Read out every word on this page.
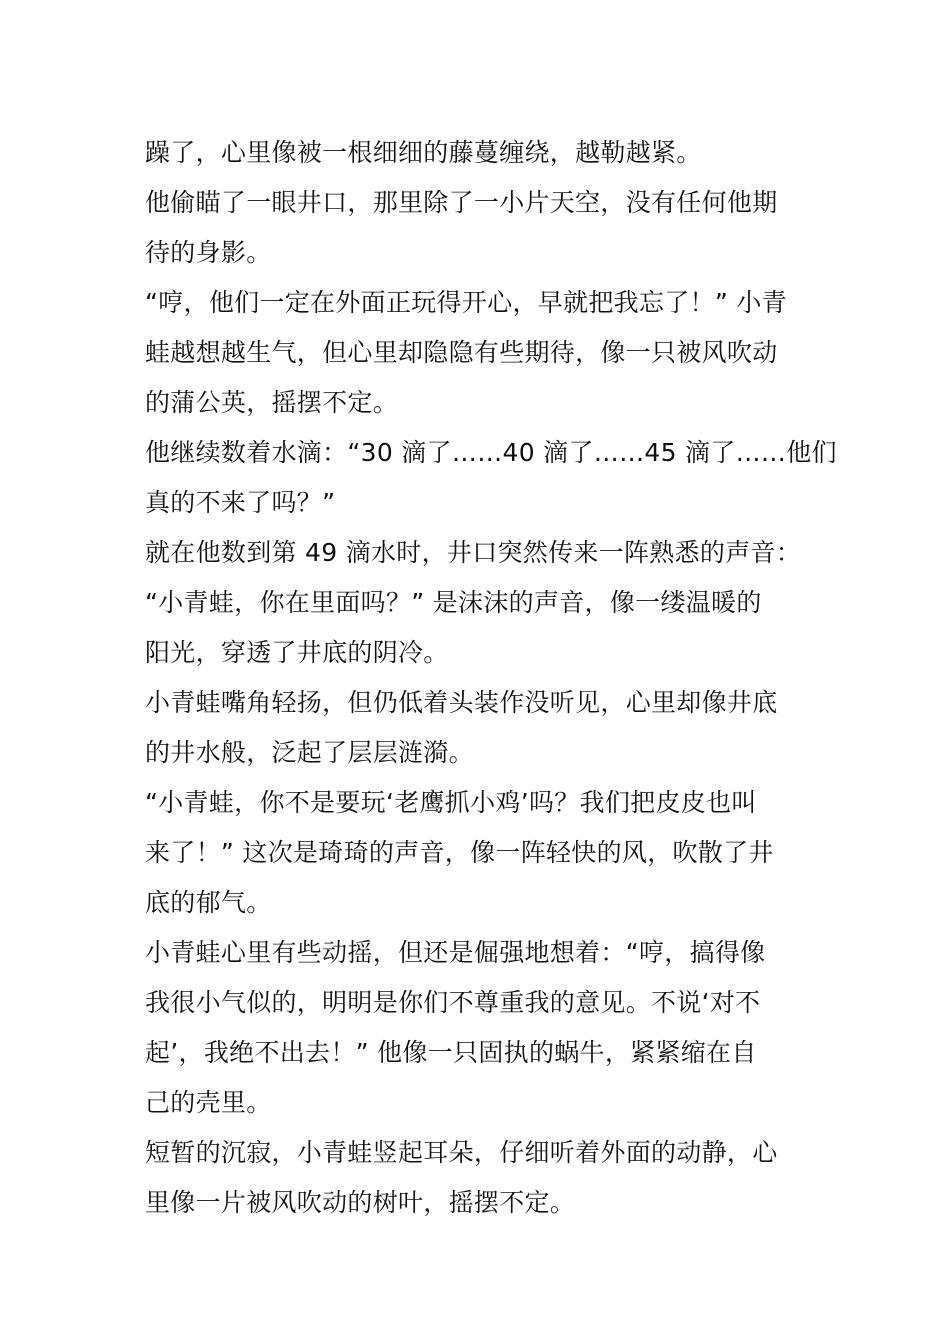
躁了，心里像被一根细细的藤蔓缠绕，越勒越紧。
他偷瞄了一眼井口，那里除了一小片天空，没有任何他期
待的身影。
“哼，他们一定在外面正玩得开心，早就把我忘了！” 小青
蛙越想越生气，但心里却隐隐有些期待，像一只被风吹动
的蒲公英，摇摆不定。
他继续数着水滴：“30 滴了……40 滴了……45 滴了……他们
真的不来了吗？”
就在他数到第 49 滴水时，井口突然传来一阵熟悉的声音：
“小青蛙，你在里面吗？” 是沫沫的声音，像一缕温暖的
阳光，穿透了井底的阴冷。
小青蛙嘴角轻扬，但仍低着头装作没听见，心里却像井底
的井水般，泛起了层层涟漪。
“小青蛙，你不是要玩‘老鹰抓小鸡’吗？我们把皮皮也叫
来了！” 这次是琦琦的声音，像一阵轻快的风，吹散了井
底的郁气。
小青蛙心里有些动摇，但还是倔强地想着：“哼，搞得像
我很小气似的，明明是你们不尊重我的意见。不说‘对不
起’，我绝不出去！” 他像一只固执的蜗牛，紧紧缩在自
己的壳里。
短暂的沉寂，小青蛙竖起耳朵，仔细听着外面的动静，心
里像一片被风吹动的树叶，摇摆不定。
